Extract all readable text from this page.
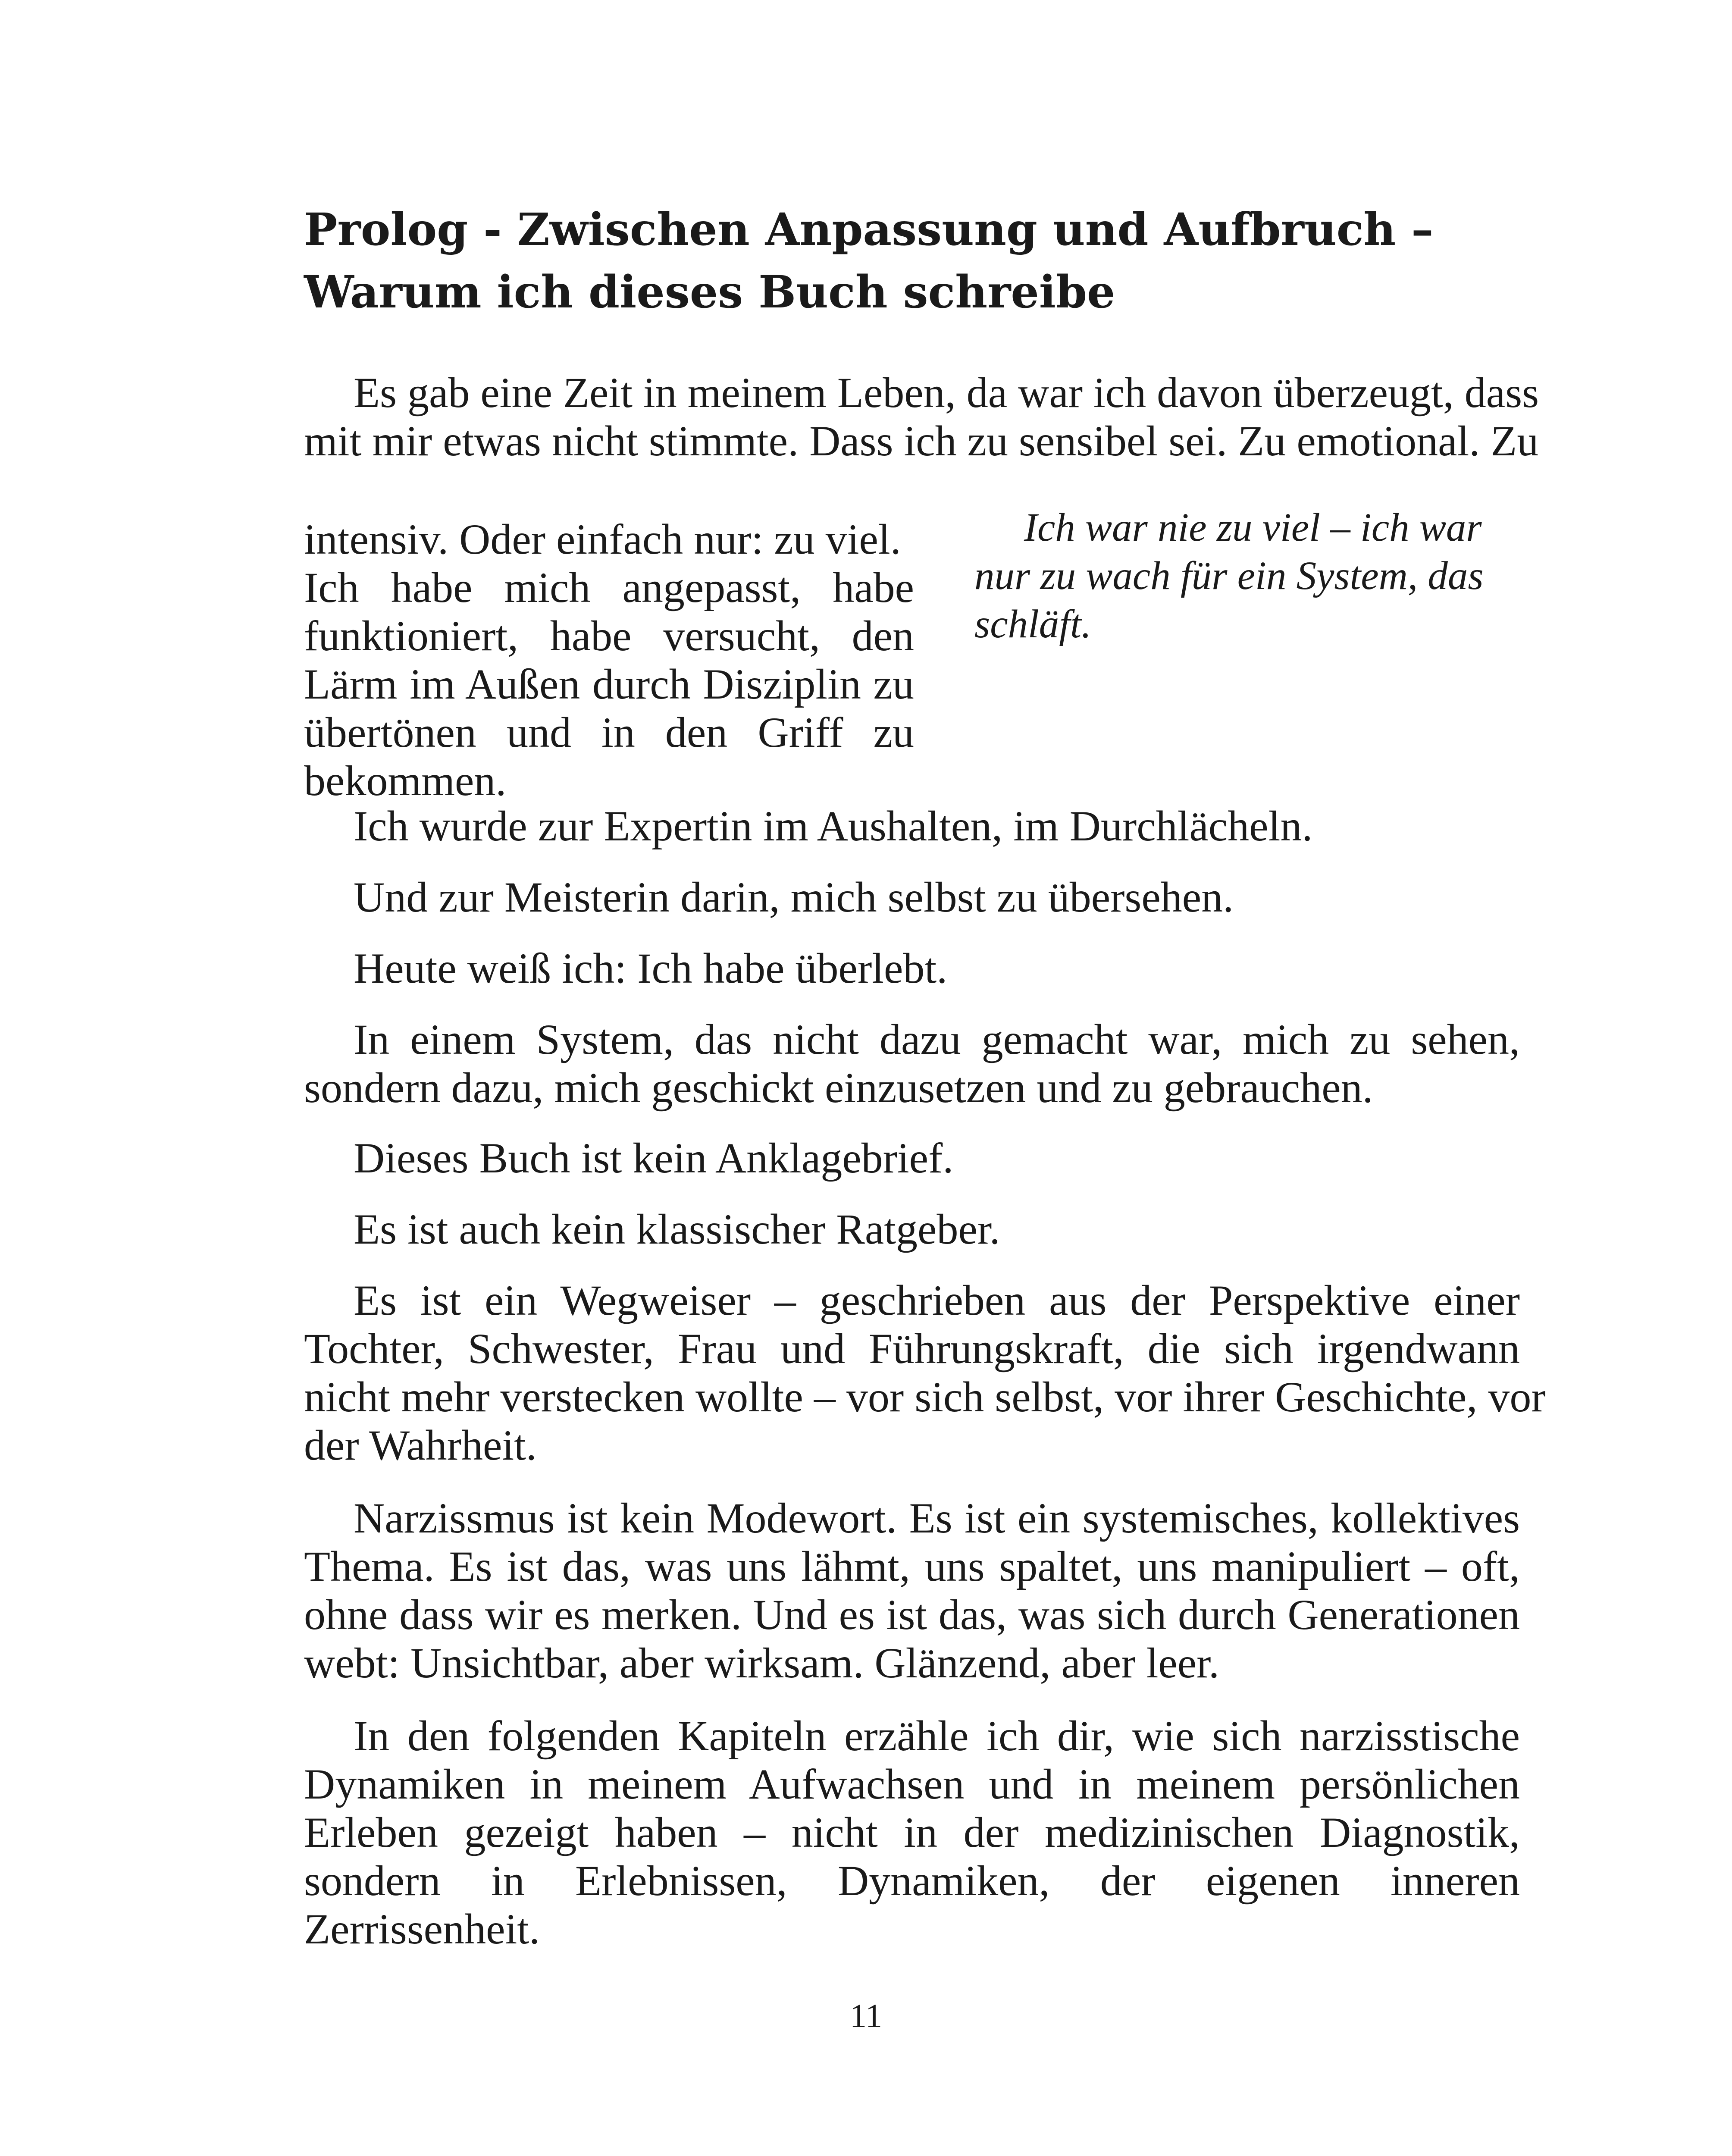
Prolog - Zwischen Anpassung und Aufbruch –
Warum ich dieses Buch schreibe
Es gab eine Zeit in meinem Leben, da war ich davon überzeugt, dass
mit mir etwas nicht stimmte. Dass ich zu sensibel sei. Zu emotional. Zu
intensiv. Oder einfach nur: zu viel.
Ich habe mich angepasst, habe
funktioniert, habe versucht, den
Lärm im Außen durch Disziplin zu
übertönen und in den Griff zu
bekommen.
Ich war nie zu viel – ich war
nur zu wach für ein System, das
schläft.

Ich wurde zur Expertin im Aushalten, im Durchlächeln.

Und zur Meisterin darin, mich selbst zu übersehen.

Heute weiß ich: Ich habe überlebt.

In einem System, das nicht dazu gemacht war, mich zu sehen,
sondern dazu, mich geschickt einzusetzen und zu gebrauchen.

Dieses Buch ist kein Anklagebrief.

Es ist auch kein klassischer Ratgeber.

Es ist ein Wegweiser – geschrieben aus der Perspektive einer
Tochter, Schwester, Frau und Führungskraft, die sich irgendwann
nicht mehr verstecken wollte – vor sich selbst, vor ihrer Geschichte, vor
der Wahrheit.
Narzissmus ist kein Modewort. Es ist ein systemisches, kollektives
Thema. Es ist das, was uns lähmt, uns spaltet, uns manipuliert – oft,
ohne dass wir es merken. Und es ist das, was sich durch Generationen
webt: Unsichtbar, aber wirksam. Glänzend, aber leer.
In den folgenden Kapiteln erzähle ich dir, wie sich narzisstische
Dynamiken in meinem Aufwachsen und in meinem persönlichen
Erleben gezeigt haben – nicht in der medizinischen Diagnostik,
sondern in Erlebnissen, Dynamiken, der eigenen inneren
Zerrissenheit.
11
